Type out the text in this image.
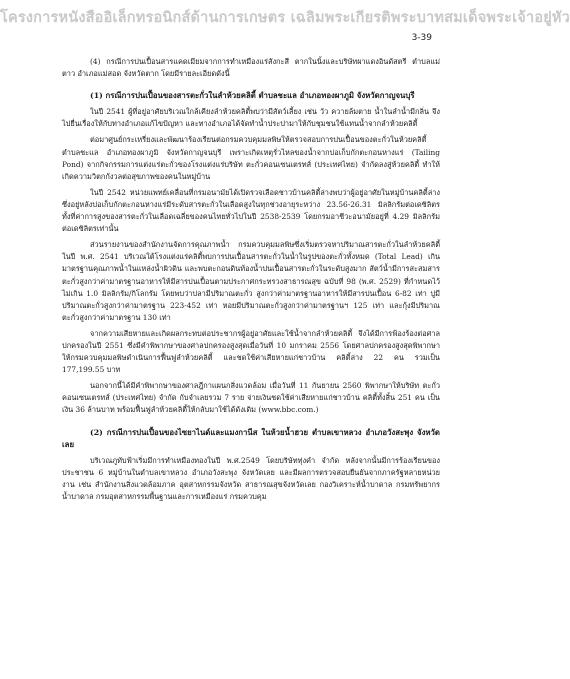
โครงการหนังสืออิเล็กทรอนิกส์ด้านการเกษตร เฉลิมพระเกียรติพระบาทสมเด็จพระเจ้าอยู่หัว
3-39

(4) กรณีการปนเปื้อนสารแคดเมียมจากการทำเหมืองแร่สังกะสี ตากในนิ้งและบริษัทผาแดงอินดัสตรี ตำบลแม่ตาว อำเภอแม่สอด จังหวัดตาก โดยมีรายละเอียดดังนี้

(1) กรณีการปนเปื้อนของสารตะกั่วในลำห้วยคลิตี้ ตำบลชะแล อำเภอทองผาภูมิ จังหวัดกาญจนบุรี

ในปี 2541 ผู้ที่อยู่อาศัยบริเวณใกล้เคียงลำห้วยคลิตี้พบว่ามีสัตว์เลี้ยง เช่น วัว ควายล้มตาย น้ำในลำน้ำมีกลิ่น จึงไปยื่นเรื่องให้กับทางอำเภอแก้ไขปัญหา และทางอำเภอได้จัดทำน้ำประปามาให้กับชุมชนใช้แทนน้ำจากลำห้วยคลิตี้

ต่อมาศูนย์กระเหรี่ยงและพัฒนาร้องเรียนต่อกรมควบคุมมลพิษให้ตรวจสอบการปนเปื้อนของตะกั่วในห้วยคลิตี้ ตำบลชะแล อำเภอทองผาภูมิ จังหวัดกาญจนบุรี เพราะเกิดเหตุรั่วไหลของน้ำจากบ่อเก็บกักตะกอนหางแร่ (Tailing Pond) จากกิจกรรมการแต่งแร่ตะกั่วของโรงแต่งแร่บริษัท ตะกั่วคอนเซนเตรทส์ (ประเทศไทย) จำกัดลงสู่ห้วยคลิตี้ ทำให้เกิดความวิตกกังวลต่อสุขภาพของคนในหมู่บ้าน

ในปี 2542 หน่วยแพทย์เคลื่อนที่กรมอนามัยได้เปิดรวจเลือดชาวบ้านคลิตี้ล่างพบว่าผู้อยู่อาศัยในหมู่บ้านคลิตี้ล่างซึ่งอยู่หลังบ่อเก็บกักตะกอนหางแร่มีระดับสารตะกั่วในเลือดสูงในทุกช่วงอายุระหว่าง 23.56-26.31 มิลลิกรัมต่อเดซิลิตร ทั้งที่ค่าการสูงของสารตะกั่วในเลือดเฉลี่ยของคนไทยทั่วไปในปี 2538-2539 โดยกรมอาชีวะอนามัยอยู่ที่ 4.29 มิลลิกรัมต่อเดซิลิตรเท่านั้น

ส่วนรายงานของสำนักงานจัดการคุณภาพน้ำ กรมควบคุมมลพิษซึ่งเริ่มตรวจหาปริมาณสารตะกั่วในลำห้วยคลิตี้ ในปี พ.ศ. 2541 บริเวณใต้โรงแต่งแร่คลิตี้พบการปนเปื้อนสารตะกั่วในน้ำในรูปของตะกั่วทั้งหมด (Total Lead) เกินมาตรฐานคุณภาพน้ำในแหล่งน้ำผิวดิน และพบตะกอนดินท้องน้ำปนเปื้อนสารตะกั่วในระดับสูงมาก สัตว์น้ำมีการสะสมสารตะกั่วสูงกว่าค่ามาตรฐานอาหารให้มีสารปนเปื้อนตามประกาศกระทรวงสาธารณสุข ฉบับที่ 98 (พ.ศ. 2529) ที่กำหนดไว้ไม่เกิน 1.0 มิลลิกรัม/กิโลกรัม โดยพบว่าปลามีปริมาณตะกั่ว สูงกว่าค่ามาตรฐานอาหารให้มีสารปนเปื้อน 6-82 เท่า ปูมีปริมาณตะกั่วสูงกว่าค่ามาตรฐาน 223-452 เท่า หอยมีปริมาณตะกั่วสูงกว่าค่ามาตรฐานฯ 125 เท่า และกุ้งมีปริมาณตะกั่วสูงกว่าค่ามาตรฐาน 130 เท่า

จากความเสียหายและเกิดผลกระทบต่อประชากรผู้อยู่อาศัยและใช้น้ำจากลำห้วยคลิตี้ จึงได้มีการฟ้องร้องต่อศาลปกครองในปี 2551 ซึ่งมีคำพิพากษาของศาลปกครองสูงสุดเมื่อวันที่ 10 มกราคม 2556 โดยศาลปกครองสูงสุดพิพากษา ให้กรมควบคุมมลพิษดำเนินการฟื้นฟูลำห้วยคลิตี้ และชดใช้ค่าเสียหายแก่ชาวบ้าน คลิตี้ล่าง 22 คน รวมเป็น 177,199.55 บาท

นอกจากนี้ได้มีคำพิพากษาของศาลฎีกาแผนกสิ่งแวดล้อม เมื่อวันที่ 11 กันยายน 2560 พิพากษาให้บริษัท ตะกั่วคอนเซนเตรทส์ (ประเทศไทย) จำกัด กับจำเลยรวม 7 ราย จ่ายเงินชดใช้ค่าเสียหายแก่ชาวบ้าน คลิตี้ทั้งสิ้น 251 คน เป็นเงิน 36 ล้านบาท พร้อมฟื้นฟูลำห้วยคลิตี้ให้กลับมาใช้ได้ดังเดิม (www.bbc.com.)

(2) กรณีการปนเปื้อนของไซยาไนด์และแมงกานีส ในห้วยน้ำฮวย ตำบลเขาหลวง อำเภอวังสะพุง จังหวัดเลย

บริเวณภูทับฟ้าเริ่มมีการทำเหมืองทองในปี พ.ศ.2549 โดยบริษัททุ่งคำ จำกัด หลังจากนั้นมีการร้องเรียนของประชาชน 6 หมู่บ้านในตำบลเขาหลวง อำเภอวังสะพุง จังหวัดเลย และมีผลการตรวจสอบยืนยันจากภาครัฐหลายหน่วยงาน เช่น สำนักงานสิ่งแวดล้อมภาค อุตสาหกรรมจังหวัด สาธารณสุขจังหวัดเลย กองวิเคราะห์น้ำบาดาล กรมทรัพยากรน้ำบาดาล กรมอุตสาหกรรมพื้นฐานและการเหมืองแร่ กรมควบคุม
